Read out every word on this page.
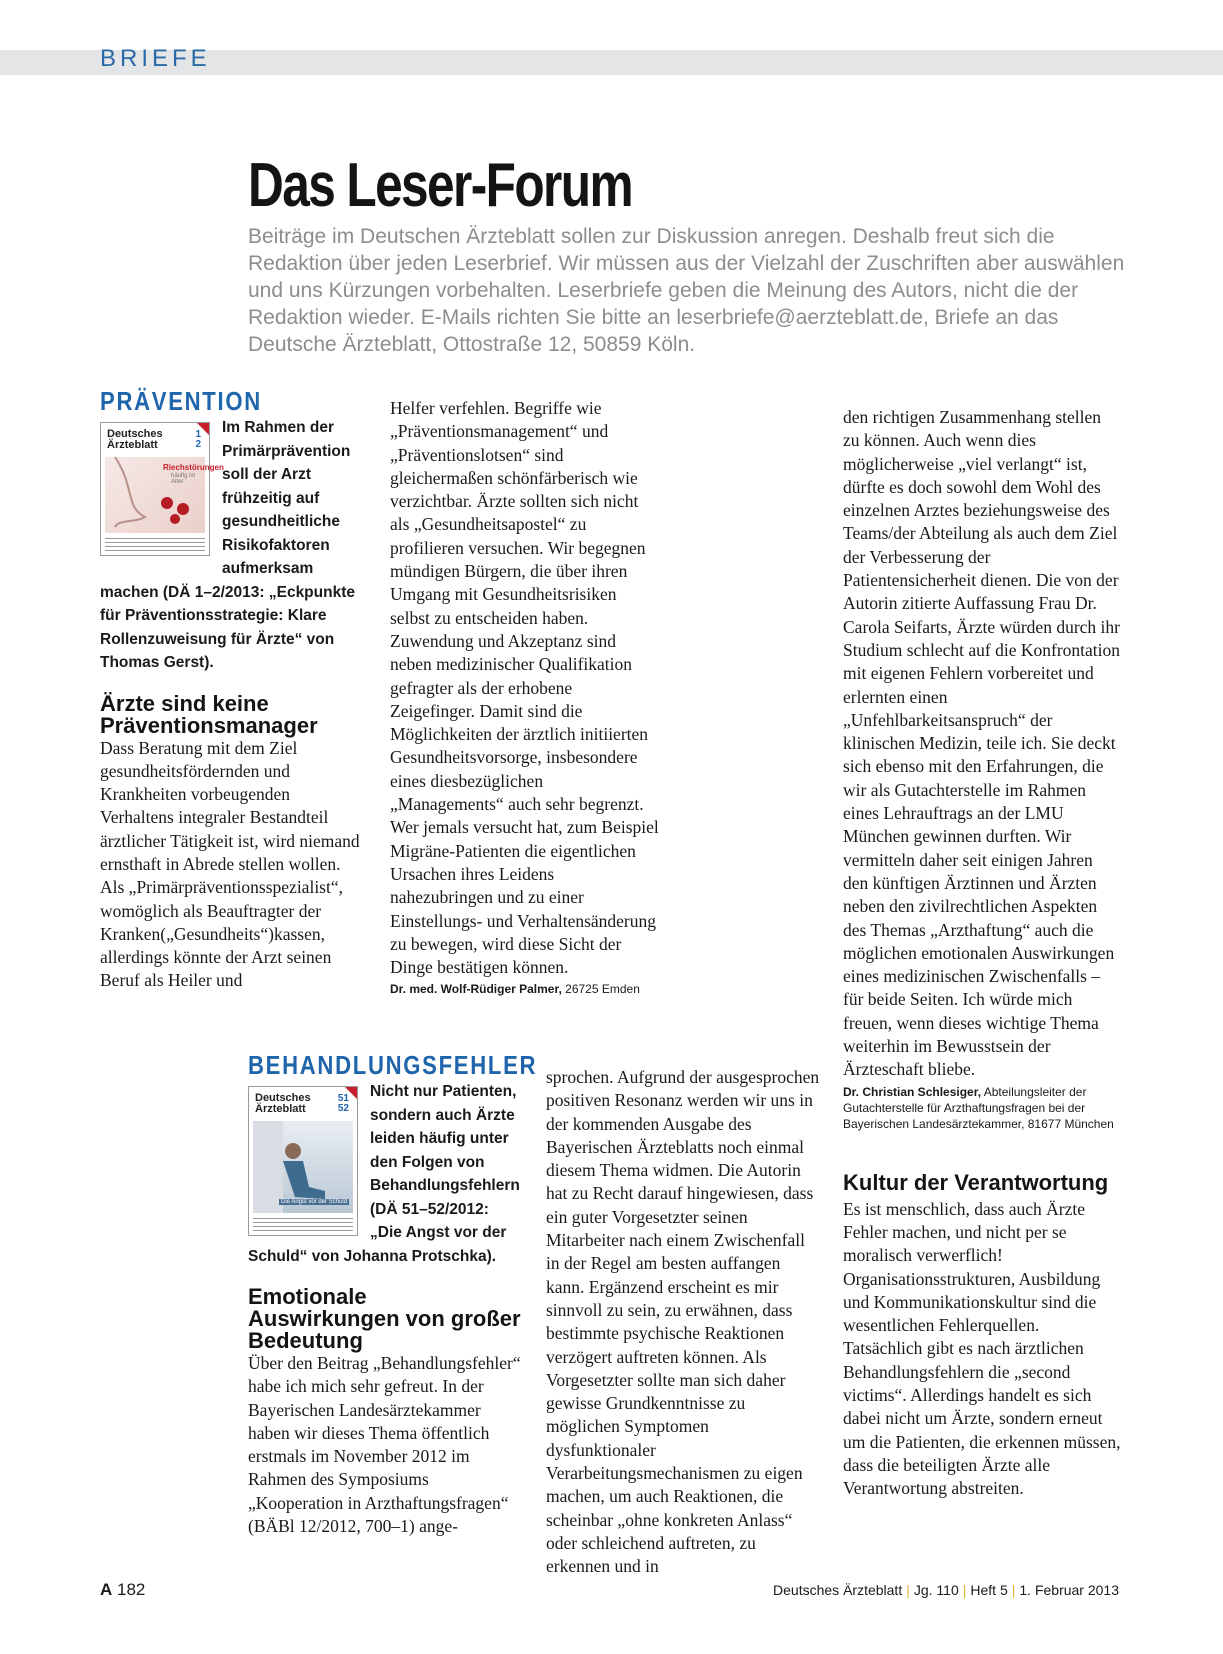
BRIEFE
Das Leser-Forum

Beiträge im Deutschen Ärzteblatt sollen zur Diskussion anregen. Deshalb freut sich die Redaktion über jeden Leserbrief. Wir müssen aus der Vielzahl der Zuschriften aber auswählen und uns Kürzungen vorbehalten. Leserbriefe geben die Meinung des Autors, nicht die der Redaktion wieder. E-Mails richten Sie bitte an leserbriefe@aerzteblatt.de, Briefe an das Deutsche Ärzteblatt, Ottostraße 12, 50859 Köln.

PRÄVENTION
Deutsches
Ärzteblatt
1
2
Riechstörungen
häufig im Alter

Im Rahmen der Primärprävention soll der Arzt frühzeitig auf gesundheitliche Risikofaktoren aufmerksam machen (DÄ 1–2/2013: „Eckpunkte für Präventionsstrategie: Klare Rollenzuweisung für Ärzte“ von Thomas Gerst).

Ärzte sind keine Präventionsmanager

Dass Beratung mit dem Ziel gesundheitsfördernden und Krankheiten vorbeugenden Verhaltens integraler Bestandteil ärztlicher Tätigkeit ist, wird niemand ernsthaft in Abrede stellen wollen. Als „Primärpräventionsspezialist“, womöglich als Beauftragter der Kranken(„Gesundheits“)kassen, allerdings könnte der Arzt seinen Beruf als Heiler und

Helfer verfehlen. Begriffe wie „Präventionsmanagement“ und „Präventionslotsen“ sind gleichermaßen schönfärberisch wie verzichtbar. Ärzte sollten sich nicht als „Gesundheitsapostel“ zu profilieren versuchen. Wir begegnen mündigen Bürgern, die über ihren Umgang mit Gesundheitsrisiken selbst zu entscheiden haben. Zuwendung und Akzeptanz sind neben medizinischer Qualifikation gefragter als der erhobene Zeigefinger. Damit sind die Möglichkeiten der ärztlich initiierten Gesundheitsvorsorge, insbesondere eines diesbezüglichen „Managements“ auch sehr begrenzt. Wer jemals versucht hat, zum Beispiel Migräne-Patienten die eigentlichen Ursachen ihres Leidens nahezubringen und zu einer Einstellungs- und Verhaltensänderung zu bewegen, wird diese Sicht der Dinge bestätigen können.

Dr. med. Wolf-Rüdiger Palmer, 26725 Emden

BEHANDLUNGSFEHLER
Deutsches
Ärzteblatt
51
52
Die Angst vor der Schuld

Nicht nur Patienten, sondern auch Ärzte leiden häufig unter den Folgen von Behandlungsfehlern (DÄ 51–52/2012: „Die Angst vor der Schuld“ von Johanna Protschka).

Emotionale Auswirkungen von großer Bedeutung

Über den Beitrag „Behandlungsfehler“ habe ich mich sehr gefreut. In der Bayerischen Landesärztekammer haben wir dieses Thema öffentlich erstmals im November 2012 im Rahmen des Symposiums „Kooperation in Arzthaftungsfragen“ (BÄBl 12/2012, 700–1) ange-

sprochen. Aufgrund der ausgesprochen positiven Resonanz werden wir uns in der kommenden Ausgabe des Bayerischen Ärzteblatts noch einmal diesem Thema widmen. Die Autorin hat zu Recht darauf hingewiesen, dass ein guter Vorgesetzter seinen Mitarbeiter nach einem Zwischenfall in der Regel am besten auffangen kann. Ergänzend erscheint es mir sinnvoll zu sein, zu erwähnen, dass bestimmte psychische Reaktionen verzögert auftreten können. Als Vorgesetzter sollte man sich daher gewisse Grundkenntnisse zu möglichen Symptomen dysfunktionaler Verarbeitungsmechanismen zu eigen machen, um auch Reaktionen, die scheinbar „ohne konkreten Anlass“ oder schleichend auftreten, zu erkennen und in

den richtigen Zusammenhang stellen zu können. Auch wenn dies möglicherweise „viel verlangt“ ist, dürfte es doch sowohl dem Wohl des einzelnen Arztes beziehungsweise des Teams/der Abteilung als auch dem Ziel der Verbesserung der Patientensicherheit dienen. Die von der Autorin zitierte Auffassung Frau Dr. Carola Seifarts, Ärzte würden durch ihr Studium schlecht auf die Konfrontation mit eigenen Fehlern vorbereitet und erlernten einen „Unfehlbarkeitsanspruch“ der klinischen Medizin, teile ich. Sie deckt sich ebenso mit den Erfahrungen, die wir als Gutachterstelle im Rahmen eines Lehrauftrags an der LMU München gewinnen durften. Wir vermitteln daher seit einigen Jahren den künftigen Ärztinnen und Ärzten neben den zivilrechtlichen Aspekten des Themas „Arzthaftung“ auch die möglichen emotionalen Auswirkungen eines medizinischen Zwischenfalls – für beide Seiten. Ich würde mich freuen, wenn dieses wichtige Thema weiterhin im Bewusstsein der Ärzteschaft bliebe.

Dr. Christian Schlesiger, Abteilungsleiter der Gutachterstelle für Arzthaftungsfragen bei der Bayerischen Landesärztekammer, 81677 München

Kultur der Verantwortung

Es ist menschlich, dass auch Ärzte Fehler machen, und nicht per se moralisch verwerflich! Organisationsstrukturen, Ausbildung und Kommunikationskultur sind die wesentlichen Fehlerquellen. Tatsächlich gibt es nach ärztlichen Behandlungsfehlern die „second victims“. Allerdings handelt es sich dabei nicht um Ärzte, sondern erneut um die Patienten, die erkennen müssen, dass die beteiligten Ärzte alle Verantwortung abstreiten.

A 182	Deutsches Ärzteblatt | Jg. 110 | Heft 5 | 1. Februar 2013
